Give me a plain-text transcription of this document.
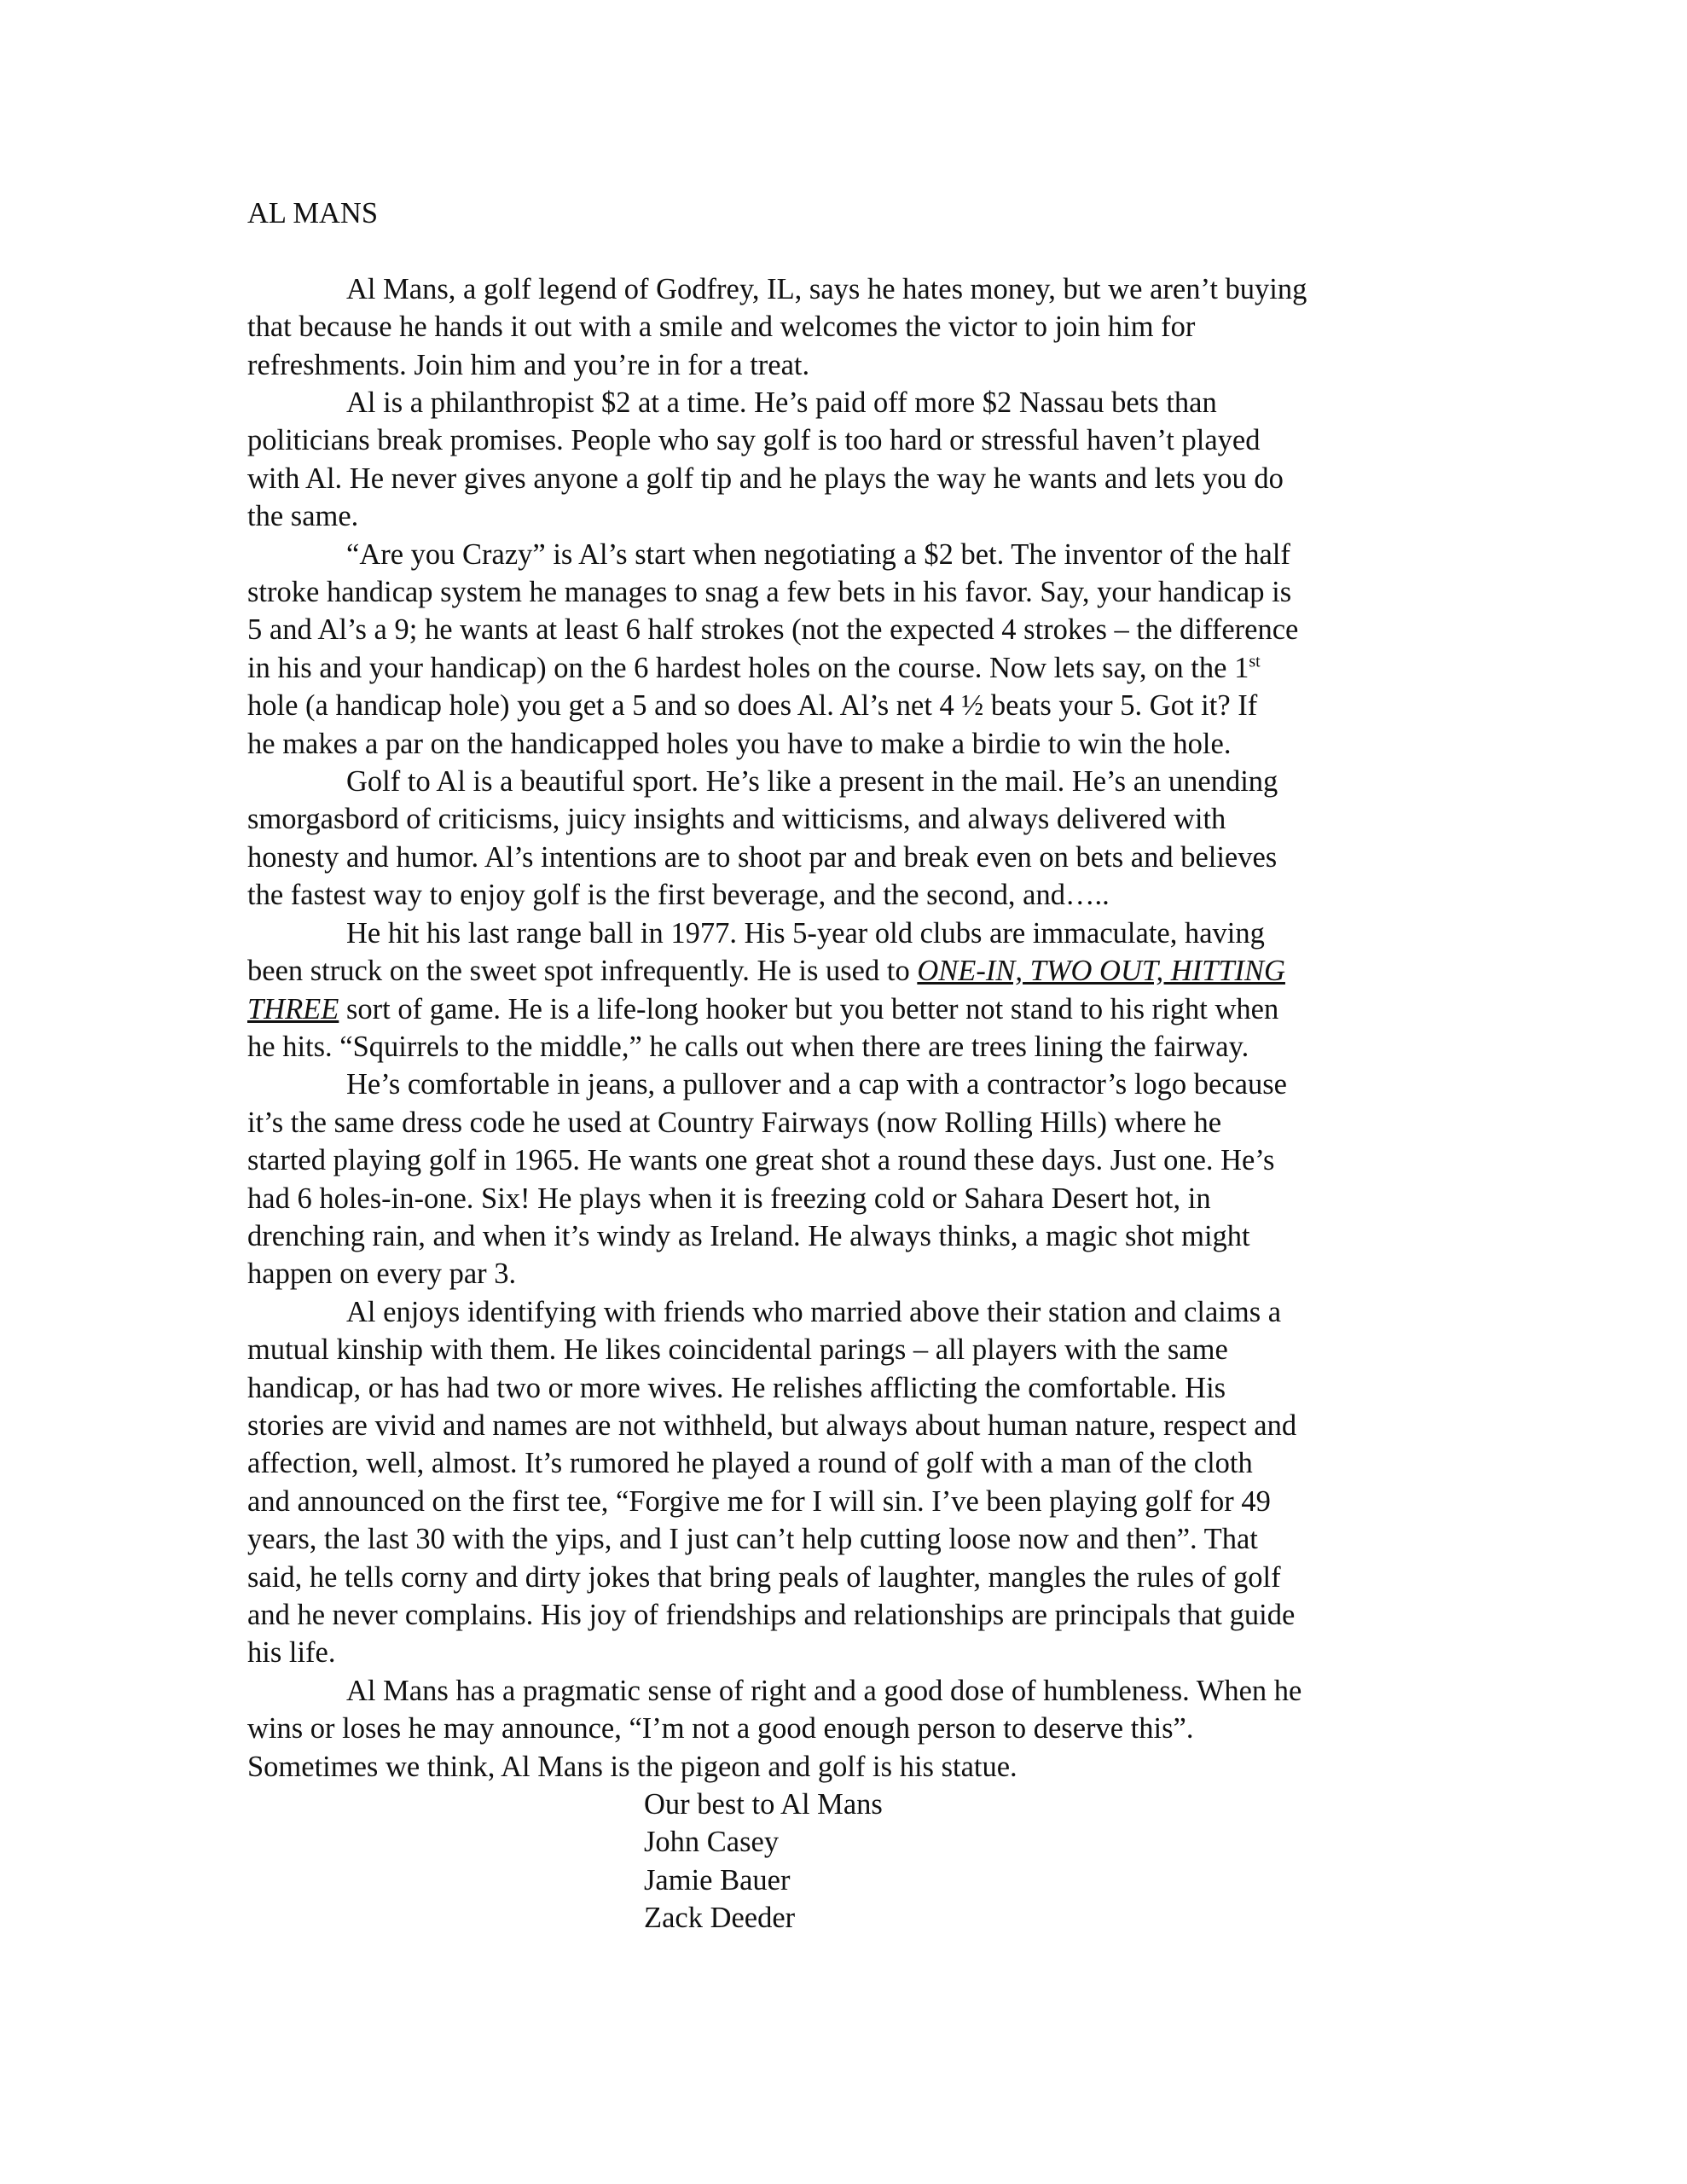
AL MANS
Al Mans, a golf legend of Godfrey, IL, says he hates money, but we aren’t buying
that because he hands it out with a smile and welcomes the victor to join him for
refreshments. Join him and you’re in for a treat.
Al is a philanthropist $2 at a time. He’s paid off more $2 Nassau bets than
politicians break promises. People who say golf is too hard or stressful haven’t played
with Al. He never gives anyone a golf tip and he plays the way he wants and lets you do
the same.
“Are you Crazy” is Al’s start when negotiating a $2 bet. The inventor of the half
stroke handicap system he manages to snag a few bets in his favor. Say, your handicap is
5 and Al’s a 9; he wants at least 6 half strokes (not the expected 4 strokes – the difference
in his and your handicap) on the 6 hardest holes on the course. Now lets say, on the 1st
hole (a handicap hole) you get a 5 and so does Al. Al’s net 4 ½ beats your 5. Got it? If
he makes a par on the handicapped holes you have to make a birdie to win the hole.
Golf to Al is a beautiful sport. He’s like a present in the mail. He’s an unending
smorgasbord of criticisms, juicy insights and witticisms, and always delivered with
honesty and humor. Al’s intentions are to shoot par and break even on bets and believes
the fastest way to enjoy golf is the first beverage, and the second, and…..
He hit his last range ball in 1977. His 5-year old clubs are immaculate, having
been struck on the sweet spot infrequently. He is used to ONE-IN, TWO OUT, HITTING
THREE sort of game. He is a life-long hooker but you better not stand to his right when
he hits. “Squirrels to the middle,” he calls out when there are trees lining the fairway.
He’s comfortable in jeans, a pullover and a cap with a contractor’s logo because
it’s the same dress code he used at Country Fairways (now Rolling Hills) where he
started playing golf in 1965. He wants one great shot a round these days. Just one. He’s
had 6 holes-in-one. Six! He plays when it is freezing cold or Sahara Desert hot, in
drenching rain, and when it’s windy as Ireland. He always thinks, a magic shot might
happen on every par 3.
Al enjoys identifying with friends who married above their station and claims a
mutual kinship with them. He likes coincidental parings – all players with the same
handicap, or has had two or more wives. He relishes afflicting the comfortable. His
stories are vivid and names are not withheld, but always about human nature, respect and
affection, well, almost. It’s rumored he played a round of golf with a man of the cloth
and announced on the first tee, “Forgive me for I will sin. I’ve been playing golf for 49
years, the last 30 with the yips, and I just can’t help cutting loose now and then”. That
said, he tells corny and dirty jokes that bring peals of laughter, mangles the rules of golf
and he never complains. His joy of friendships and relationships are principals that guide
his life.
Al Mans has a pragmatic sense of right and a good dose of humbleness. When he
wins or loses he may announce, “I’m not a good enough person to deserve this”.
Sometimes we think, Al Mans is the pigeon and golf is his statue.
Our best to Al Mans
John Casey
Jamie Bauer
Zack Deeder
